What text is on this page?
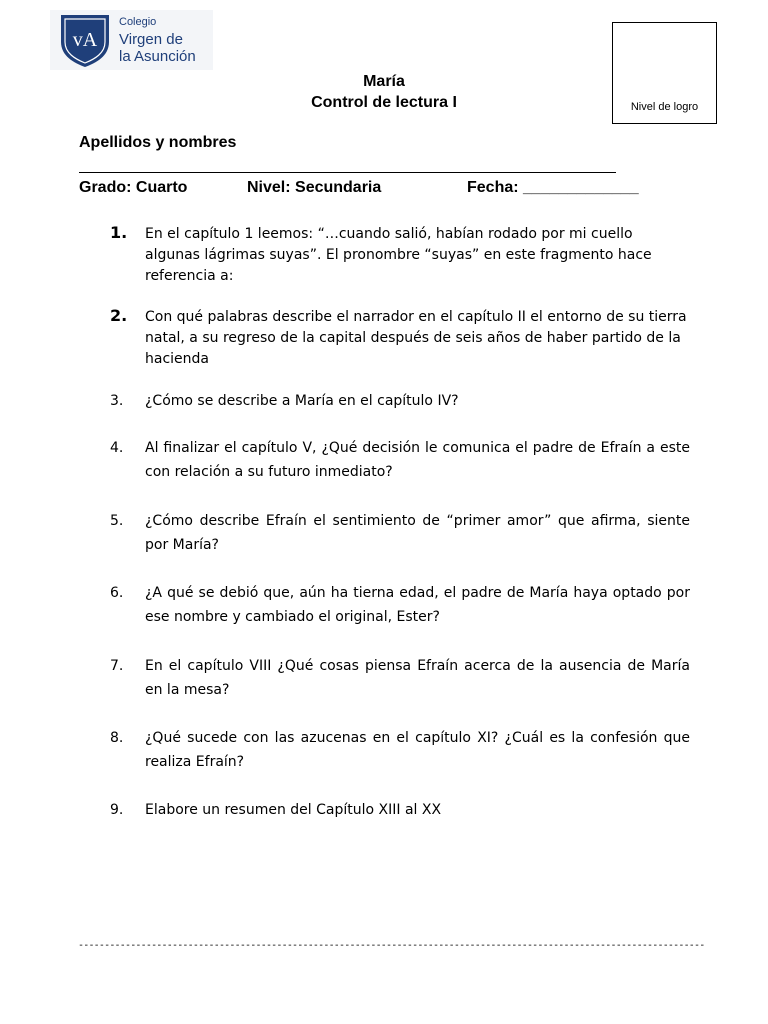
vA
Colegio
Virgen de
la Asunción
Nivel de logro
María
Control de lectura I
Apellidos y nombres
Grado: Cuarto	Nivel: Secundaria	Fecha: _____________
1. En el capítulo 1 leemos: “…cuando salió, habían rodado por mi cuello algunas lágrimas suyas”. El pronombre “suyas” en este fragmento hace referencia a:
2. Con qué palabras describe el narrador en el capítulo II el entorno de su tierra natal, a su regreso de la capital después de seis años de haber partido de la hacienda
3. ¿Cómo se describe a María en el capítulo IV?
4. Al finalizar el capítulo V, ¿Qué decisión le comunica el padre de Efraín a este con relación a su futuro inmediato?
5. ¿Cómo describe Efraín el sentimiento de “primer amor” que afirma, siente por María?
6. ¿A qué se debió que, aún ha tierna edad, el padre de María haya optado por ese nombre y cambiado el original, Ester?
7. En el capítulo VIII ¿Qué cosas piensa Efraín acerca de la ausencia de María en la mesa?
8. ¿Qué sucede con las azucenas en el capítulo XI? ¿Cuál es la confesión que realiza Efraín?
9. Elabore un resumen del Capítulo XIII al XX
------------------------------------------------------------------------------------------------------------------------
